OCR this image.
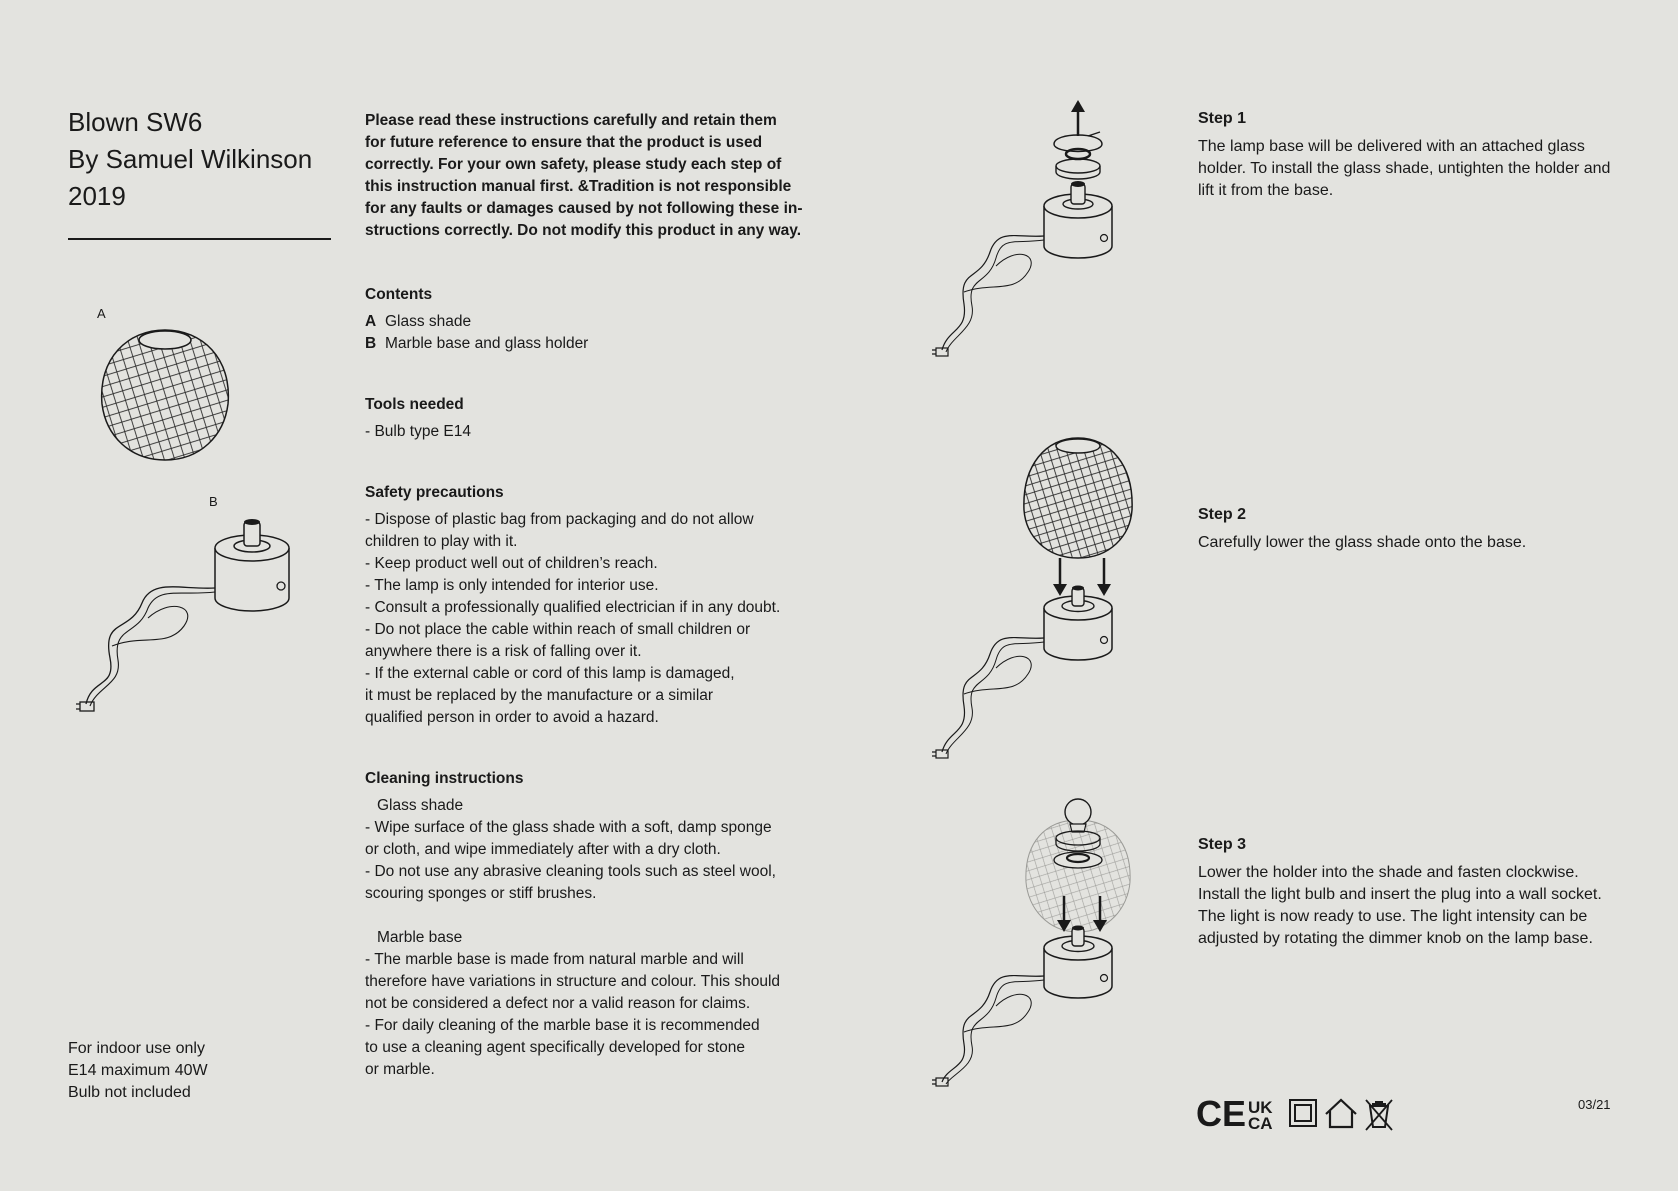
Blown SW6
By Samuel Wilkinson
2019
A
B
For indoor use only
E14 maximum 40W
Bulb not included
Please read these instructions carefully and retain them
for future reference to ensure that the product is used
correctly. For your own safety, please study each step of
this instruction manual first. &Tradition is not responsible
for any faults or damages caused by not following these in-
structions correctly. Do not modify this product in any way.
Contents
A Glass shade
B Marble base and glass holder
Tools needed
- Bulb type E14
Safety precautions
- Dispose of plastic bag from packaging and do not allow
children to play with it.
- Keep product well out of children’s reach.
- The lamp is only intended for interior use.
- Consult a professionally qualified electrician if in any doubt.
- Do not place the cable within reach of small children or
anywhere there is a risk of falling over it.
- If the external cable or cord of this lamp is damaged,
it must be replaced by the manufacture or a similar
qualified person in order to avoid a hazard.
Cleaning instructions
Glass shade
- Wipe surface of the glass shade with a soft, damp sponge
or cloth, and wipe immediately after with a dry cloth.
- Do not use any abrasive cleaning tools such as steel wool,
scouring sponges or stiff brushes.
Marble base
- The marble base is made from natural marble and will
therefore have variations in structure and colour. This should
not be considered a defect nor a valid reason for claims.
- For daily cleaning of the marble base it is recommended
to use a cleaning agent specifically developed for stone
or marble.
Step 1
The lamp base will be delivered with an attached glass
holder. To install the glass shade, untighten the holder and
lift it from the base.
Step 2
Carefully lower the glass shade onto the base.
Step 3
Lower the holder into the shade and fasten clockwise.
Install the light bulb and insert the plug into a wall socket.
The light is now ready to use. The light intensity can be
adjusted by rotating the dimmer knob on the lamp base.
CE UK
CA
03/21
